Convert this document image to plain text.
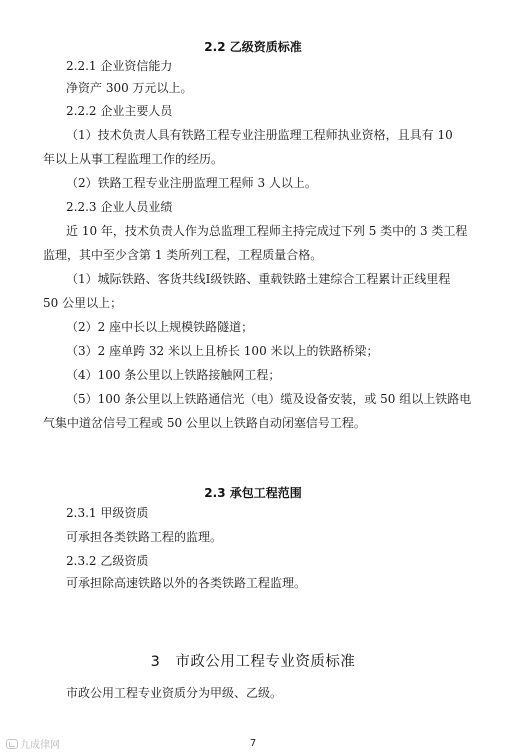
2.2 乙级资质标准
2.2.1 企业资信能力
净资产 300 万元以上。
2.2.2 企业主要人员
（1）技术负责人具有铁路工程专业注册监理工程师执业资格，且具有 10
年以上从事工程监理工作的经历。
（2）铁路工程专业注册监理工程师 3 人以上。
2.2.3 企业人员业绩
近 10 年，技术负责人作为总监理工程师主持完成过下列 5 类中的 3 类工程
监理，其中至少含第 1 类所列工程，工程质量合格。
（1）城际铁路、客货共线Ⅰ级铁路、重载铁路土建综合工程累计正线里程
50 公里以上；
（2）2 座中长以上规模铁路隧道；
（3）2 座单跨 32 米以上且桥长 100 米以上的铁路桥梁；
（4）100 条公里以上铁路接触网工程；
（5）100 条公里以上铁路通信光（电）缆及设备安装，或 50 组以上铁路电
气集中道岔信号工程或 50 公里以上铁路自动闭塞信号工程。
2.3 承包工程范围
2.3.1 甲级资质
可承担各类铁路工程的监理。
2.3.2 乙级资质
可承担除高速铁路以外的各类铁路工程监理。
3　市政公用工程专业资质标准
市政公用工程专业资质分为甲级、乙级。
九成律网	7
